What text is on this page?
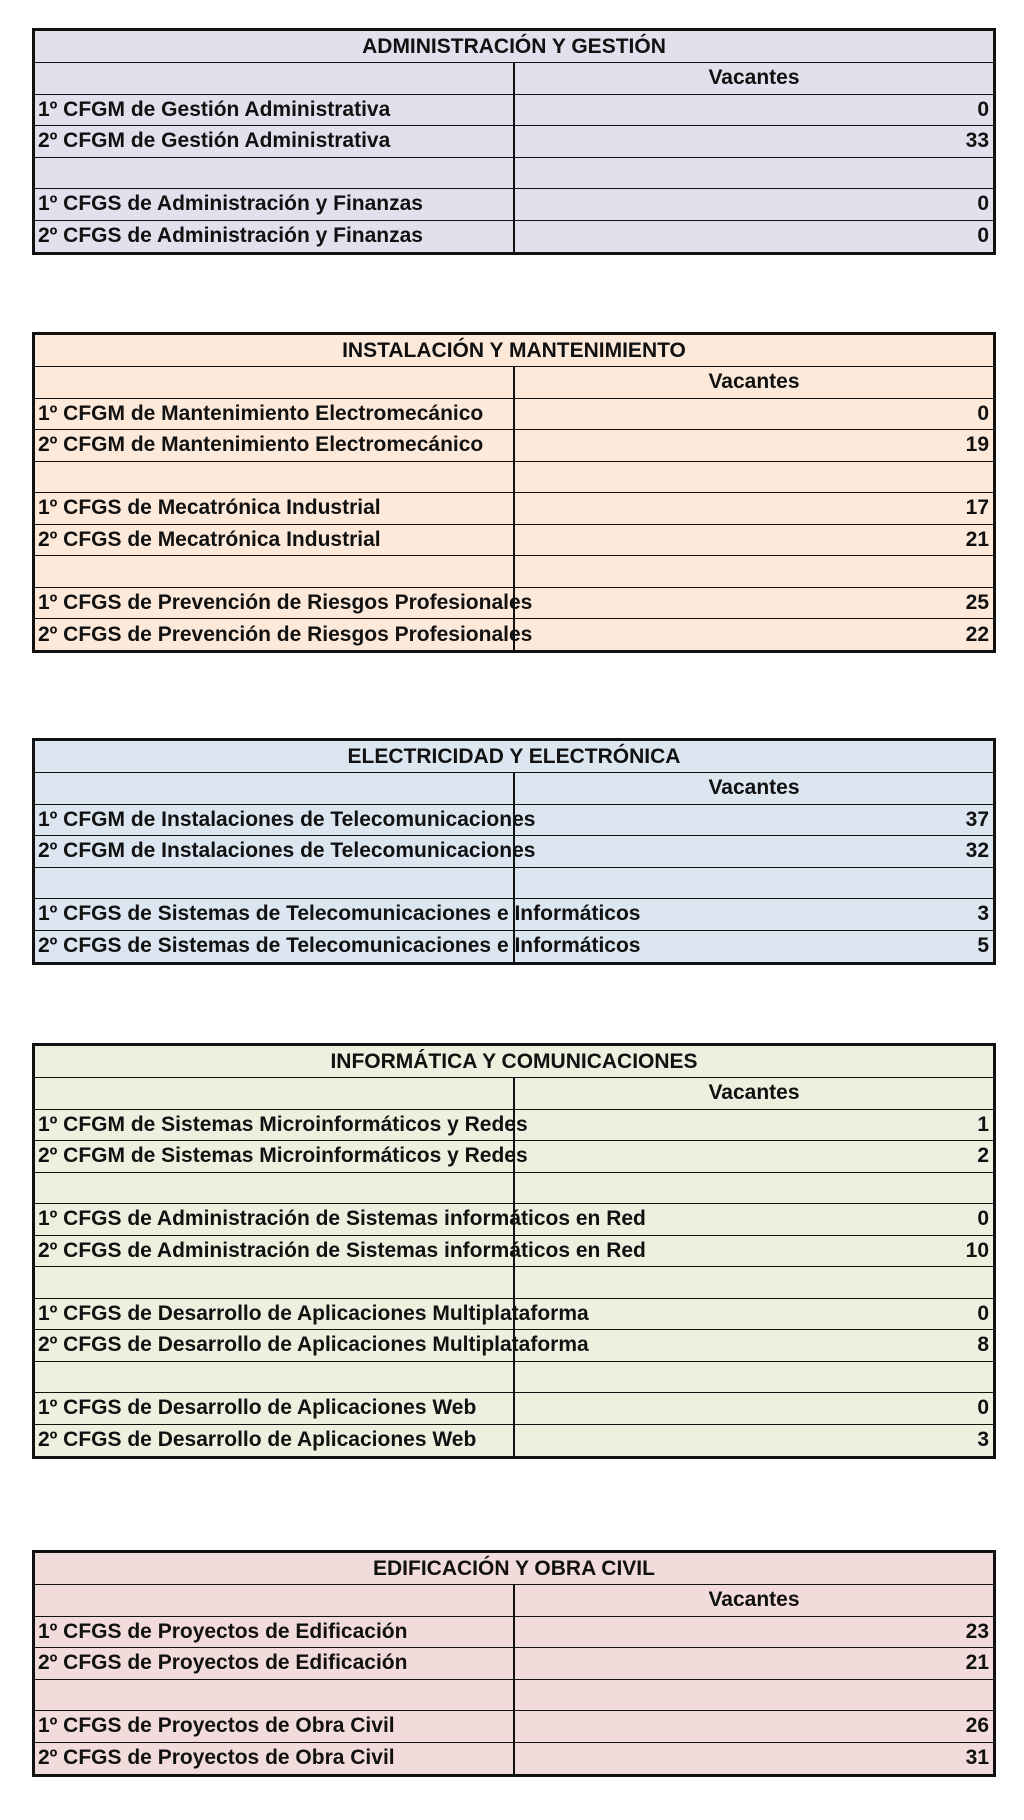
ADMINISTRACIÓN Y GESTIÓN	
	Vacantes
1º CFGM de Gestión Administrativa	0
2º CFGM de Gestión Administrativa	33

1º CFGS de Administración y Finanzas	0
2º CFGS de Administración y Finanzas	0
INSTALACIÓN Y MANTENIMIENTO	
	Vacantes
1º CFGM de Mantenimiento Electromecánico	0
2º CFGM de Mantenimiento Electromecánico	19

1º CFGS de Mecatrónica Industrial	17
2º CFGS de Mecatrónica Industrial	21

1º CFGS de Prevención de Riesgos Profesionales	25
2º CFGS de Prevención de Riesgos Profesionales	22
ELECTRICIDAD Y ELECTRÓNICA	
	Vacantes
1º CFGM de Instalaciones de Telecomunicaciones	37
2º CFGM de Instalaciones de Telecomunicaciones	32

1º CFGS de Sistemas de Telecomunicaciones e Informáticos	3
2º CFGS de Sistemas de Telecomunicaciones e Informáticos	5
INFORMÁTICA Y COMUNICACIONES	
	Vacantes
1º CFGM de Sistemas Microinformáticos y Redes	1
2º CFGM de Sistemas Microinformáticos y Redes	2

1º CFGS de Administración de Sistemas informáticos en Red	0
2º CFGS de Administración de Sistemas informáticos en Red	10

1º CFGS de Desarrollo de Aplicaciones Multiplataforma	0
2º CFGS de Desarrollo de Aplicaciones Multiplataforma	8

1º CFGS de Desarrollo de Aplicaciones Web	0
2º CFGS de Desarrollo de Aplicaciones Web	3
EDIFICACIÓN Y OBRA CIVIL	
	Vacantes
1º CFGS de Proyectos de Edificación	23
2º CFGS de Proyectos de Edificación	21

1º CFGS de Proyectos de Obra Civil	26
2º CFGS de Proyectos de Obra Civil	31
